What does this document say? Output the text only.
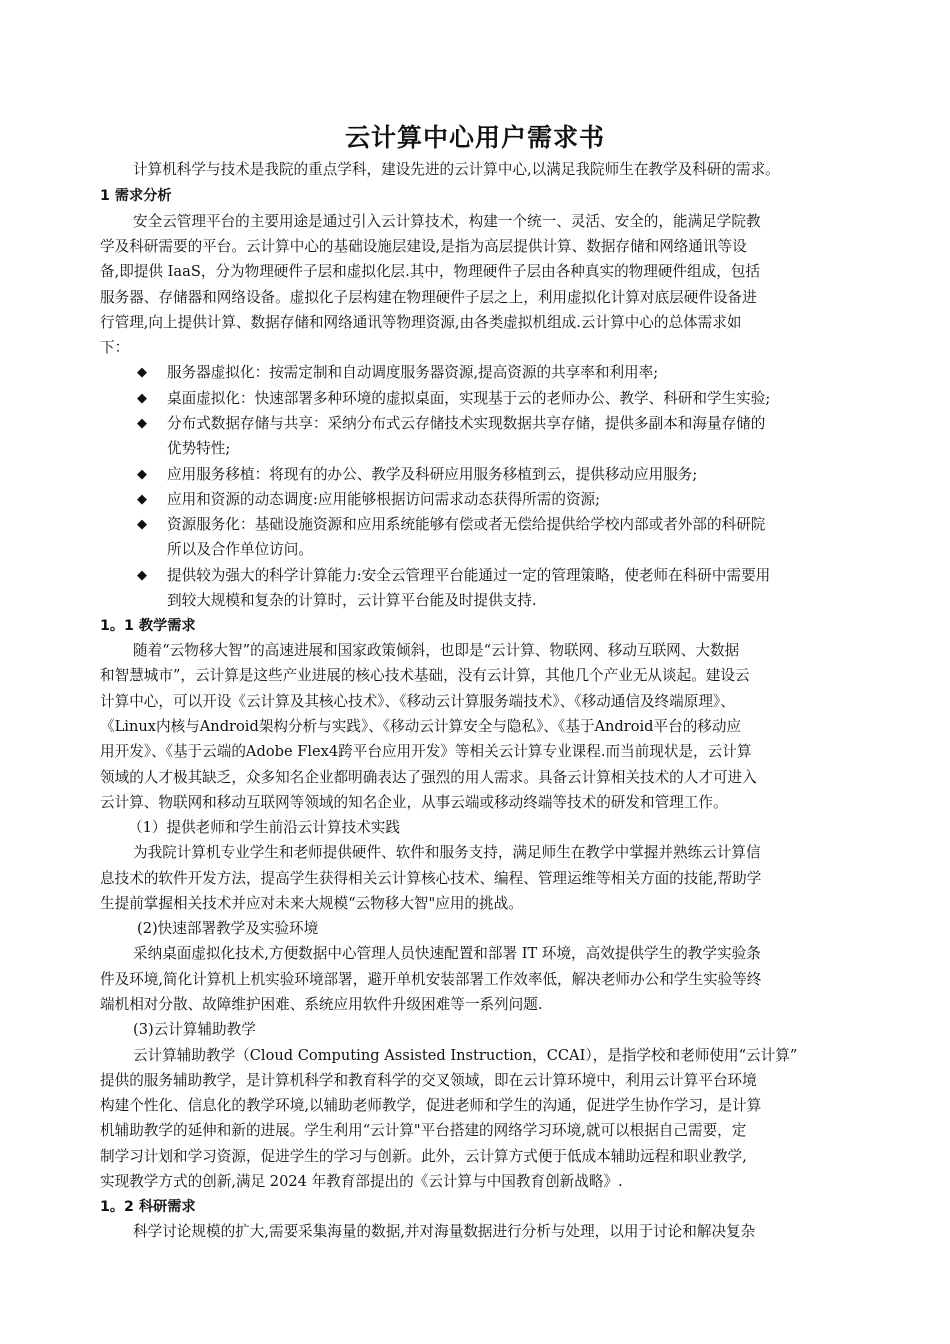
云计算中心用户需求书
计算机科学与技术是我院的重点学科，建设先进的云计算中心,以满足我院师生在教学及科研的需求。
1 需求分析
安全云管理平台的主要用途是通过引入云计算技术，构建一个统一、灵活、安全的，能满足学院教
学及科研需要的平台。云计算中心的基础设施层建设,是指为高层提供计算、数据存储和网络通讯等设
备,即提供 IaaS，分为物理硬件子层和虚拟化层.其中，物理硬件子层由各种真实的物理硬件组成，包括
服务器、存储器和网络设备。虚拟化子层构建在物理硬件子层之上，利用虚拟化计算对底层硬件设备进
行管理,向上提供计算、数据存储和网络通讯等物理资源,由各类虚拟机组成.云计算中心的总体需求如
下：
◆ 服务器虚拟化：按需定制和自动调度服务器资源,提高资源的共享率和利用率;
◆ 桌面虚拟化：快速部署多种环境的虚拟桌面，实现基于云的老师办公、教学、科研和学生实验;
◆ 分布式数据存储与共享：采纳分布式云存储技术实现数据共享存储，提供多副本和海量存储的
优势特性;
◆ 应用服务移植：将现有的办公、教学及科研应用服务移植到云，提供移动应用服务;
◆ 应用和资源的动态调度:应用能够根据访问需求动态获得所需的资源;
◆ 资源服务化：基础设施资源和应用系统能够有偿或者无偿给提供给学校内部或者外部的科研院
所以及合作单位访问。
◆ 提供较为强大的科学计算能力:安全云管理平台能通过一定的管理策略，使老师在科研中需要用
到较大规模和复杂的计算时，云计算平台能及时提供支持.
1。1 教学需求
随着“云物移大智”的高速进展和国家政策倾斜，也即是“云计算、物联网、移动互联网、大数据
和智慧城市”，云计算是这些产业进展的核心技术基础，没有云计算，其他几个产业无从谈起。建设云
计算中心，可以开设《云计算及其核心技术》、《移动云计算服务端技术》、《移动通信及终端原理》、
《Linux内核与Android架构分析与实践》、《移动云计算安全与隐私》、《基于Android平台的移动应
用开发》、《基于云端的Adobe Flex4跨平台应用开发》等相关云计算专业课程.而当前现状是，云计算
领域的人才极其缺乏，众多知名企业都明确表达了强烈的用人需求。具备云计算相关技术的人才可进入
云计算、物联网和移动互联网等领域的知名企业，从事云端或移动终端等技术的研发和管理工作。
（1）提供老师和学生前沿云计算技术实践
为我院计算机专业学生和老师提供硬件、软件和服务支持，满足师生在教学中掌握并熟练云计算信
息技术的软件开发方法，提高学生获得相关云计算核心技术、编程、管理运维等相关方面的技能,帮助学
生提前掌握相关技术并应对未来大规模“云物移大智"应用的挑战。
(2)快速部署教学及实验环境
采纳桌面虚拟化技术,方便数据中心管理人员快速配置和部署 IT 环境，高效提供学生的教学实验条
件及环境,简化计算机上机实验环境部署，避开单机安装部署工作效率低，解决老师办公和学生实验等终
端机相对分散、故障维护困难、系统应用软件升级困难等一系列问题.
(3)云计算辅助教学
云计算辅助教学（Cloud Computing Assisted Instruction，CCAI），是指学校和老师使用“云计算”
提供的服务辅助教学，是计算机科学和教育科学的交叉领域，即在云计算环境中，利用云计算平台环境
构建个性化、信息化的教学环境,以辅助老师教学，促进老师和学生的沟通，促进学生协作学习，是计算
机辅助教学的延伸和新的进展。学生利用“云计算"平台搭建的网络学习环境,就可以根据自己需要，定
制学习计划和学习资源，促进学生的学习与创新。此外，云计算方式便于低成本辅助远程和职业教学,
实现教学方式的创新,满足 2024 年教育部提出的《云计算与中国教育创新战略》.
1。2 科研需求
科学讨论规模的扩大,需要采集海量的数据,并对海量数据进行分析与处理，以用于讨论和解决复杂
